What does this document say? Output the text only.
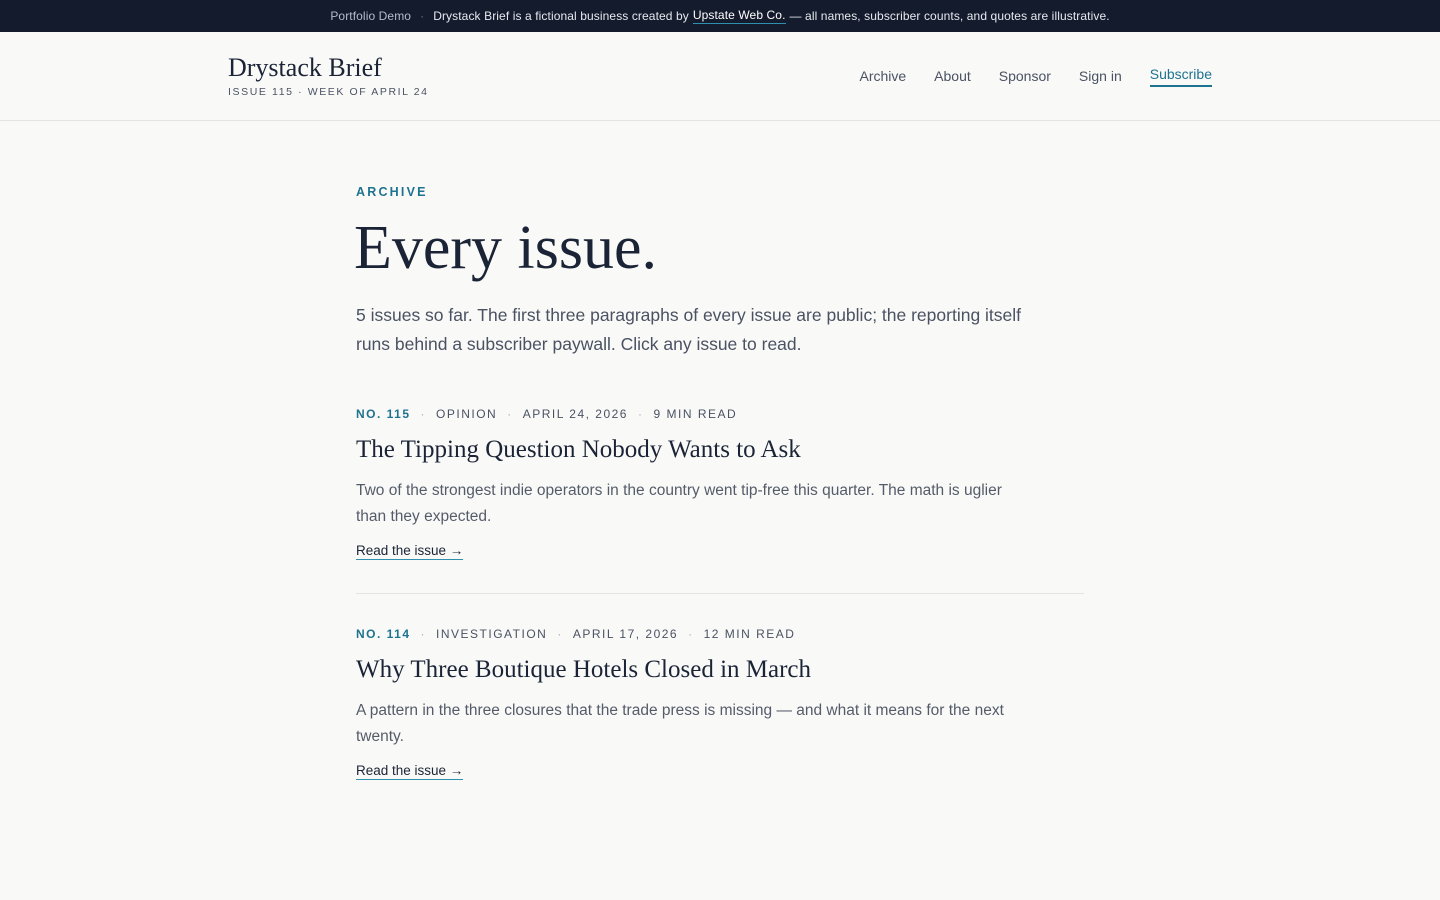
Portfolio Demo · Drystack Brief is a fictional business created by Upstate Web Co. — all names, subscriber counts, and quotes are illustrative.
Drystack Brief
ISSUE 115 · WEEK OF APRIL 24
Archive About Sponsor Sign in Subscribe
ARCHIVE
Every issue.

5 issues so far. The first three paragraphs of every issue are public; the reporting itself runs behind a subscriber paywall. Click any issue to read.

NO. 115 · OPINION · APRIL 24, 2026 · 9 MIN READ
The Tipping Question Nobody Wants to Ask

Two of the strongest indie operators in the country went tip-free this quarter. The math is uglier than they expected.

Read the issue →
NO. 114 · INVESTIGATION · APRIL 17, 2026 · 12 MIN READ
Why Three Boutique Hotels Closed in March

A pattern in the three closures that the trade press is missing — and what it means for the next twenty.

Read the issue →
